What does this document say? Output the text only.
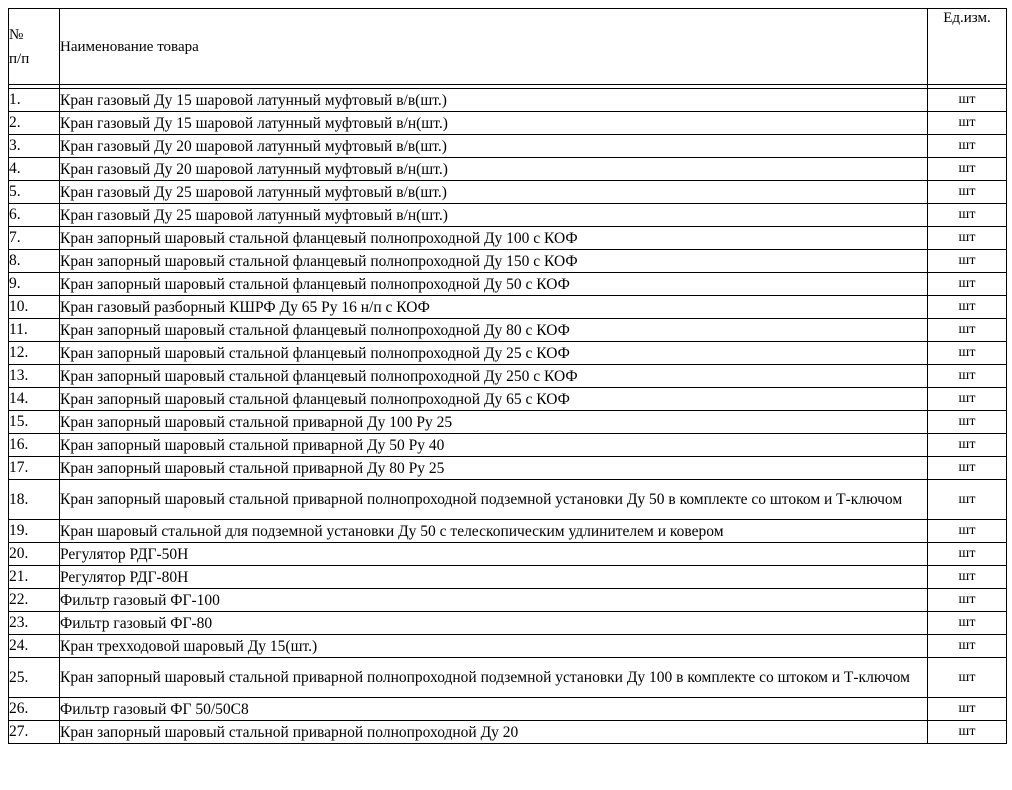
№
п/п	Наименование товара	Ед.изм.

1.	Кран газовый Ду 15 шаровой латунный муфтовый в/в(шт.)	шт
2.	Кран газовый Ду 15 шаровой латунный муфтовый в/н(шт.)	шт
3.	Кран газовый Ду 20 шаровой латунный муфтовый в/в(шт.)	шт
4.	Кран газовый Ду 20 шаровой латунный муфтовый в/н(шт.)	шт
5.	Кран газовый Ду 25 шаровой латунный муфтовый в/в(шт.)	шт
6.	Кран газовый Ду 25 шаровой латунный муфтовый в/н(шт.)	шт
7.	Кран запорный шаровый стальной фланцевый полнопроходной Ду 100 с КОФ	шт
8.	Кран запорный шаровый стальной фланцевый полнопроходной Ду 150 с КОФ	шт
9.	Кран запорный шаровый стальной фланцевый полнопроходной Ду 50 с КОФ	шт
10.	Кран газовый разборный КШРФ Ду 65 Ру 16 н/п с КОФ	шт
11.	Кран запорный шаровый стальной фланцевый полнопроходной Ду 80 с КОФ	шт
12.	Кран запорный шаровый стальной фланцевый полнопроходной Ду 25 с КОФ	шт
13.	Кран запорный шаровый стальной фланцевый полнопроходной Ду 250 с КОФ	шт
14.	Кран запорный шаровый стальной фланцевый полнопроходной Ду 65 с КОФ	шт
15.	Кран запорный шаровый стальной приварной Ду 100 Ру 25	шт
16.	Кран запорный шаровый стальной приварной Ду 50 Ру 40	шт
17.	Кран запорный шаровый стальной приварной Ду 80 Ру 25	шт
18.	Кран запорный шаровый стальной приварной полнопроходной подземной установки Ду 50 в комплекте со штоком и Т-ключом	шт
19.	Кран шаровый стальной для подземной установки Ду 50 с телескопическим удлинителем и ковером	шт
20.	Регулятор РДГ-50Н	шт
21.	Регулятор РДГ-80Н	шт
22.	Фильтр газовый ФГ-100	шт
23.	Фильтр газовый ФГ-80	шт
24.	Кран трехходовой шаровый Ду 15(шт.)	шт
25.	Кран запорный шаровый стальной приварной полнопроходной подземной установки Ду 100 в комплекте со штоком и Т-ключом	шт
26.	Фильтр газовый ФГ 50/50С8	шт
27.	Кран запорный шаровый стальной приварной полнопроходной Ду 20	шт
